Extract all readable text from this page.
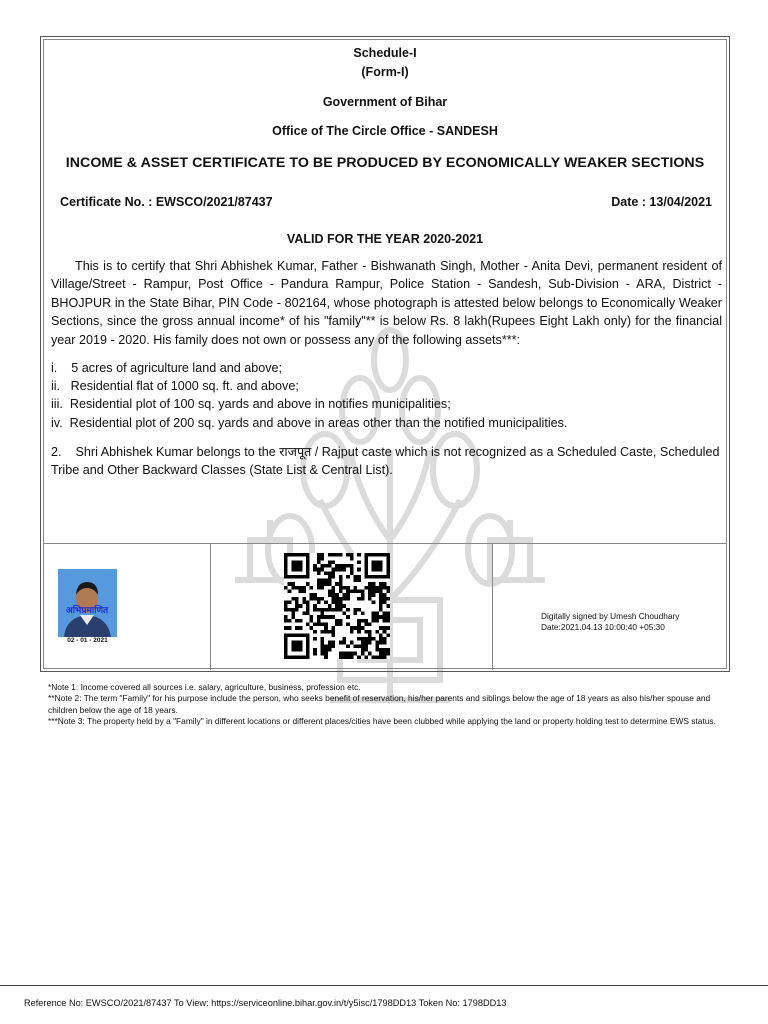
Schedule-I
(Form-I)
Government of Bihar
Office of The Circle Office - SANDESH
INCOME & ASSET CERTIFICATE TO BE PRODUCED BY ECONOMICALLY WEAKER SECTIONS
Certificate No. : EWSCO/2021/87437	Date : 13/04/2021
VALID FOR THE YEAR 2020-2021
This is to certify that Shri Abhishek Kumar, Father - Bishwanath Singh, Mother - Anita Devi, permanent resident of Village/Street - Rampur, Post Office - Pandura Rampur, Police Station - Sandesh, Sub-Division - ARA, District - BHOJPUR in the State Bihar, PIN Code - 802164, whose photograph is attested below belongs to Economically Weaker Sections, since the gross annual income* of his "family"** is below Rs. 8 lakh(Rupees Eight Lakh only) for the financial year 2019 - 2020. His family does not own or possess any of the following assets***:
i.    5 acres of agriculture land and above;
ii.   Residential flat of 1000 sq. ft. and above;
iii.  Residential plot of 100 sq. yards and above in notifies municipalities;
iv.  Residential plot of 200 sq. yards and above in areas other than the notified municipalities.
2.    Shri Abhishek Kumar belongs to the राजपूत / Rajput caste which is not recognized as a Scheduled Caste, Scheduled Tribe and Other Backward Classes (State List & Central List).
अभिप्रमाणित
02 - 01 - 2021
Digitally signed by Umesh Choudhary
Date:2021.04.13 10:00:40 +05:30
*Note 1: Income covered all sources i.e. salary, agriculture, business, profession etc.
**Note 2: The term "Family" for his purpose include the person, who seeks benefit of reservation, his/her parents and siblings below the age of 18 years as also his/her spouse and children below the age of 18 years.
***Note 3: The property held by a "Family" in different locations or different places/cities have been clubbed while applying the land or property holding test to determine EWS status.
Reference No: EWSCO/2021/87437 To View: https://serviceonline.bihar.gov.in/t/y5isc/1798DD13 Token No: 1798DD13
